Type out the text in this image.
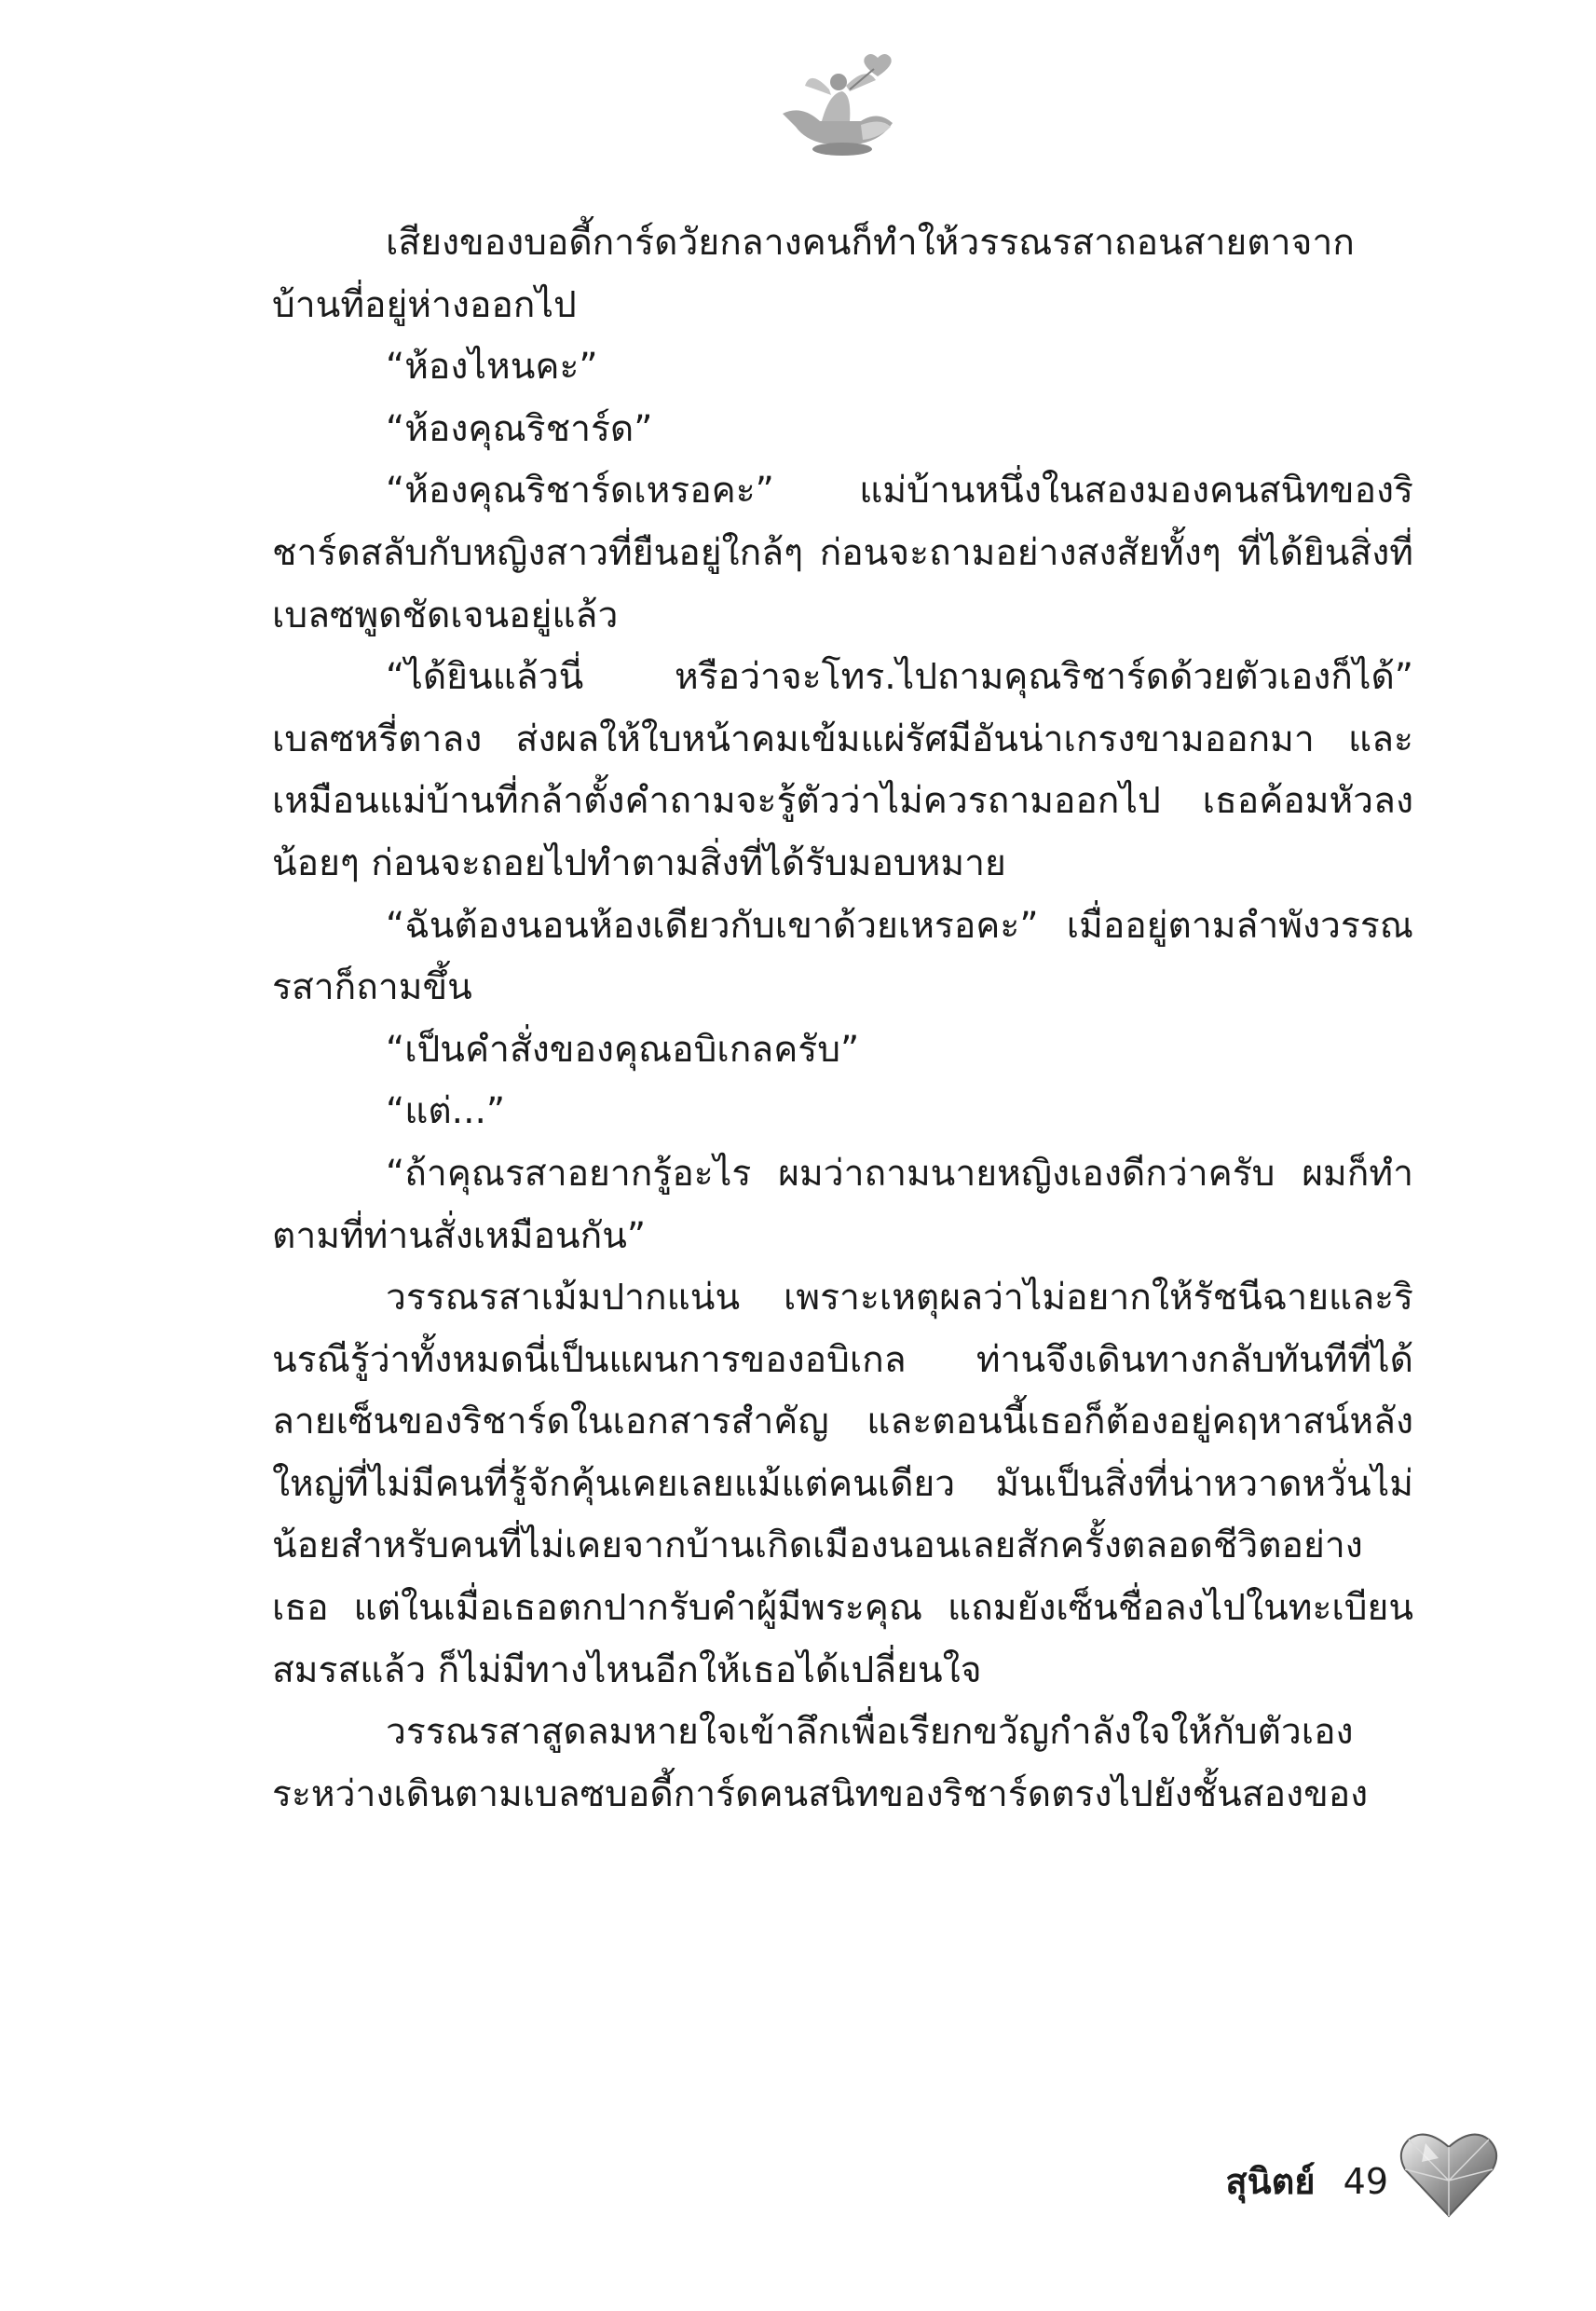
เสียงของบอดี้การ์ดวัยกลางคนก็ทำให้วรรณรสาถอนสายตาจากบ้านที่อยู่ห่างออกไป

“ห้องไหนคะ”

“ห้องคุณริชาร์ด”

“ห้องคุณริชาร์ดเหรอคะ” แม่บ้านหนึ่งในสองมองคนสนิทของริชาร์ดสลับกับหญิงสาวที่ยืนอยู่ใกล้ๆ ก่อนจะถามอย่างสงสัยทั้งๆ ที่ได้ยินสิ่งที่เบลซพูดชัดเจนอยู่แล้ว

“ได้ยินแล้วนี่ หรือว่าจะโทร.ไปถามคุณริชาร์ดด้วยตัวเองก็ได้” เบลซหรี่ตาลง ส่งผลให้ใบหน้าคมเข้มแผ่รัศมีอันน่าเกรงขามออกมา และเหมือนแม่บ้านที่กล้าตั้งคำถามจะรู้ตัวว่าไม่ควรถามออกไป เธอค้อมหัวลงน้อยๆ ก่อนจะถอยไปทำตามสิ่งที่ได้รับมอบหมาย

“ฉันต้องนอนห้องเดียวกับเขาด้วยเหรอคะ” เมื่ออยู่ตามลำพังวรรณรสาก็ถามขึ้น

“เป็นคำสั่งของคุณอบิเกลครับ”

“แต่...”

“ถ้าคุณรสาอยากรู้อะไร ผมว่าถามนายหญิงเองดีกว่าครับ ผมก็ทำตามที่ท่านสั่งเหมือนกัน”

วรรณรสาเม้มปากแน่น เพราะเหตุผลว่าไม่อยากให้รัชนีฉายและรินรณีรู้ว่าทั้งหมดนี่เป็นแผนการของอบิเกล ท่านจึงเดินทางกลับทันทีที่ได้ลายเซ็นของริชาร์ดในเอกสารสำคัญ และตอนนี้เธอก็ต้องอยู่คฤหาสน์หลังใหญ่ที่ไม่มีคนที่รู้จักคุ้นเคยเลยแม้แต่คนเดียว มันเป็นสิ่งที่น่าหวาดหวั่นไม่น้อยสำหรับคนที่ไม่เคยจากบ้านเกิดเมืองนอนเลยสักครั้งตลอดชีวิตอย่างเธอ แต่ในเมื่อเธอตกปากรับคำผู้มีพระคุณ แถมยังเซ็นชื่อลงไปในทะเบียนสมรสแล้ว ก็ไม่มีทางไหนอีกให้เธอได้เปลี่ยนใจ

วรรณรสาสูดลมหายใจเข้าลึกเพื่อเรียกขวัญกำลังใจให้กับตัวเองระหว่างเดินตามเบลซบอดี้การ์ดคนสนิทของริชาร์ดตรงไปยังชั้นสองของ

สุนิตย์ 49
